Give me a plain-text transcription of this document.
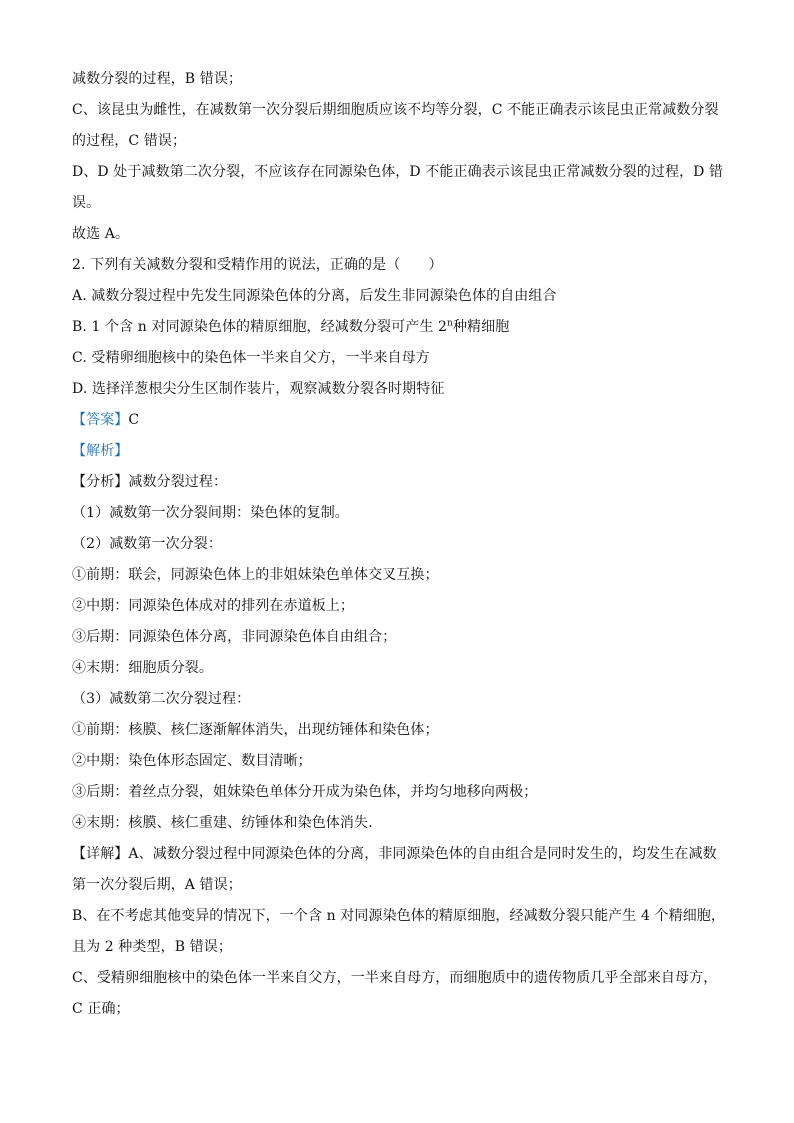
减数分裂的过程，B 错误；
C、该昆虫为雌性，在减数第一次分裂后期细胞质应该不均等分裂，C 不能正确表示该昆虫正常减数分裂
的过程，C 错误；
D、D 处于减数第二次分裂，不应该存在同源染色体，D 不能正确表示该昆虫正常减数分裂的过程，D 错
误。
故选 A。
2. 下列有关减数分裂和受精作用的说法，正确的是（　　）
A. 减数分裂过程中先发生同源染色体的分离，后发生非同源染色体的自由组合
B. 1 个含 n 对同源染色体的精原细胞，经减数分裂可产生 2$^n$种精细胞
C. 受精卵细胞核中的染色体一半来自父方，一半来自母方
D. 选择洋葱根尖分生区制作装片，观察减数分裂各时期特征
【答案】C
【解析】
【分析】减数分裂过程：
（1）减数第一次分裂间期：染色体的复制。
（2）减数第一次分裂：
①前期：联会，同源染色体上的非姐妹染色单体交叉互换；
②中期：同源染色体成对的排列在赤道板上；
③后期：同源染色体分离，非同源染色体自由组合；
④末期：细胞质分裂。
（3）减数第二次分裂过程：
①前期：核膜、核仁逐渐解体消失，出现纺锤体和染色体；
②中期：染色体形态固定、数目清晰；
③后期：着丝点分裂，姐妹染色单体分开成为染色体，并均匀地移向两极；
④末期：核膜、核仁重建、纺锤体和染色体消失.
【详解】A、减数分裂过程中同源染色体的分离，非同源染色体的自由组合是同时发生的，均发生在减数
第一次分裂后期，A 错误；
B、在不考虑其他变异的情况下，一个含 n 对同源染色体的精原细胞，经减数分裂只能产生 4 个精细胞，
且为 2 种类型，B 错误；
C、受精卵细胞核中的染色体一半来自父方，一半来自母方，而细胞质中的遗传物质几乎全部来自母方，
C 正确；
